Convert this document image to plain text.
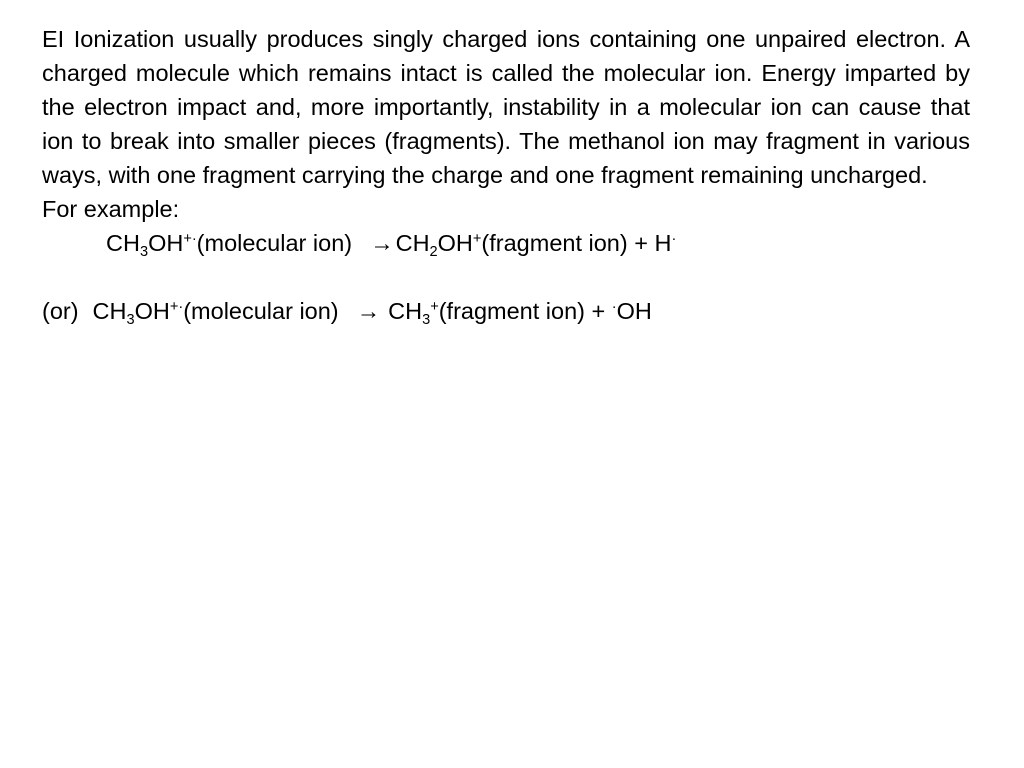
EI Ionization usually produces singly charged ions containing one unpaired electron. A charged molecule which remains intact is called the molecular ion. Energy imparted by the electron impact and, more importantly, instability in a molecular ion can cause that ion to break into smaller pieces (fragments). The methanol ion may fragment in various ways, with one fragment carrying the charge and one fragment remaining uncharged.

For example:

$CH_3OH^{+\cdot}(molecular$ $ion) \to CH_2OH^+(fragment$ ion) + H·

(or) $CH_3OH^{+\cdot}(molecular$ $ion) \to CH_3^+(fragment$ ion) + ·OH
